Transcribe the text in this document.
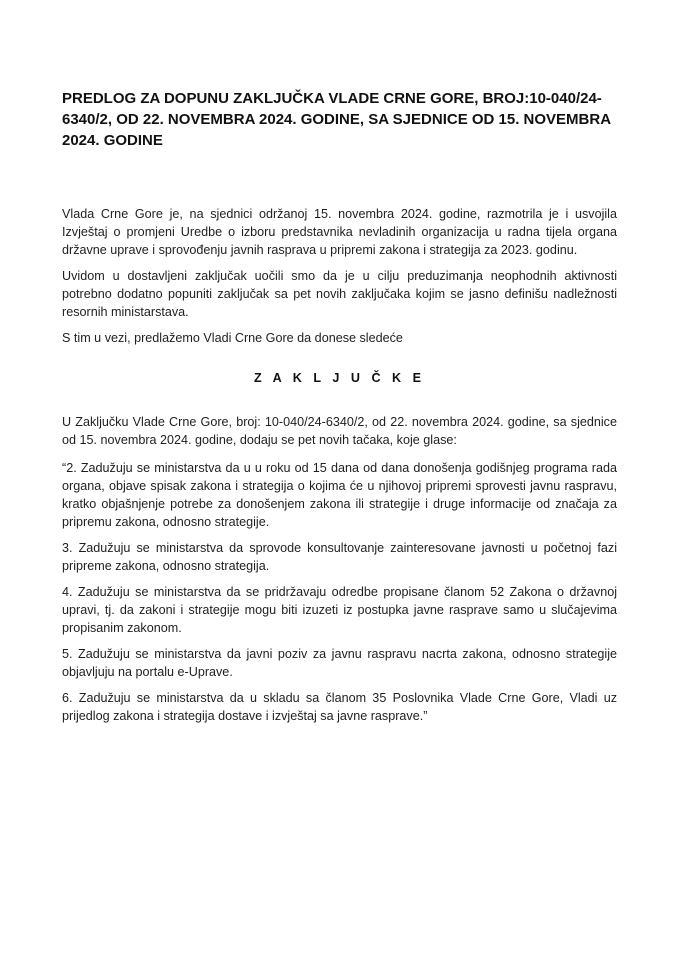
PREDLOG ZA DOPUNU ZAKLJUČKA VLADE CRNE GORE, BROJ:10-040/24-6340/2, OD 22. NOVEMBRA 2024. GODINE, SA SJEDNICE OD 15. NOVEMBRA 2024. GODINE

Vlada Crne Gore je, na sjednici održanoj 15. novembra 2024. godine, razmotrila je i usvojila Izvještaj o promjeni Uredbe o izboru predstavnika nevladinih organizacija u radna tijela organa državne uprave i sprovođenju javnih rasprava u pripremi zakona i strategija za 2023. godinu.

Uvidom u dostavljeni zaključak uočili smo da je u cilju preduzimanja neophodnih aktivnosti potrebno dodatno popuniti zaključak sa pet novih zaključaka kojim se jasno definišu nadležnosti resornih ministarstava.

S tim u vezi, predlažemo Vladi Crne Gore da donese sledeće

Z A K L J U Č K E

U Zaključku Vlade Crne Gore, broj: 10-040/24-6340/2, od 22. novembra 2024. godine, sa sjednice od 15. novembra 2024. godine, dodaju se pet novih tačaka, koje glase:

“2. Zadužuju se ministarstva da u u roku od 15 dana od dana donošenja godišnjeg programa rada organa, objave spisak zakona i strategija o kojima će u njihovoj pripremi sprovesti javnu raspravu, kratko objašnjenje potrebe za donošenjem zakona ili strategije i druge informacije od značaja za pripremu zakona, odnosno strategije.

3. Zadužuju se ministarstva da sprovode konsultovanje zainteresovane javnosti u početnoj fazi pripreme zakona, odnosno strategija.

4. Zadužuju se ministarstva da se pridržavaju odredbe propisane članom 52 Zakona o državnoj upravi, tj. da zakoni i strategije mogu biti izuzeti iz postupka javne rasprave samo u slučajevima propisanim zakonom.

5. Zadužuju se ministarstva da javni poziv za javnu raspravu nacrta zakona, odnosno strategije objavljuju na portalu e-Uprave.

6. Zadužuju se ministarstva da u skladu sa članom 35 Poslovnika Vlade Crne Gore, Vladi uz prijedlog zakona i strategija dostave i izvještaj sa javne rasprave.”
